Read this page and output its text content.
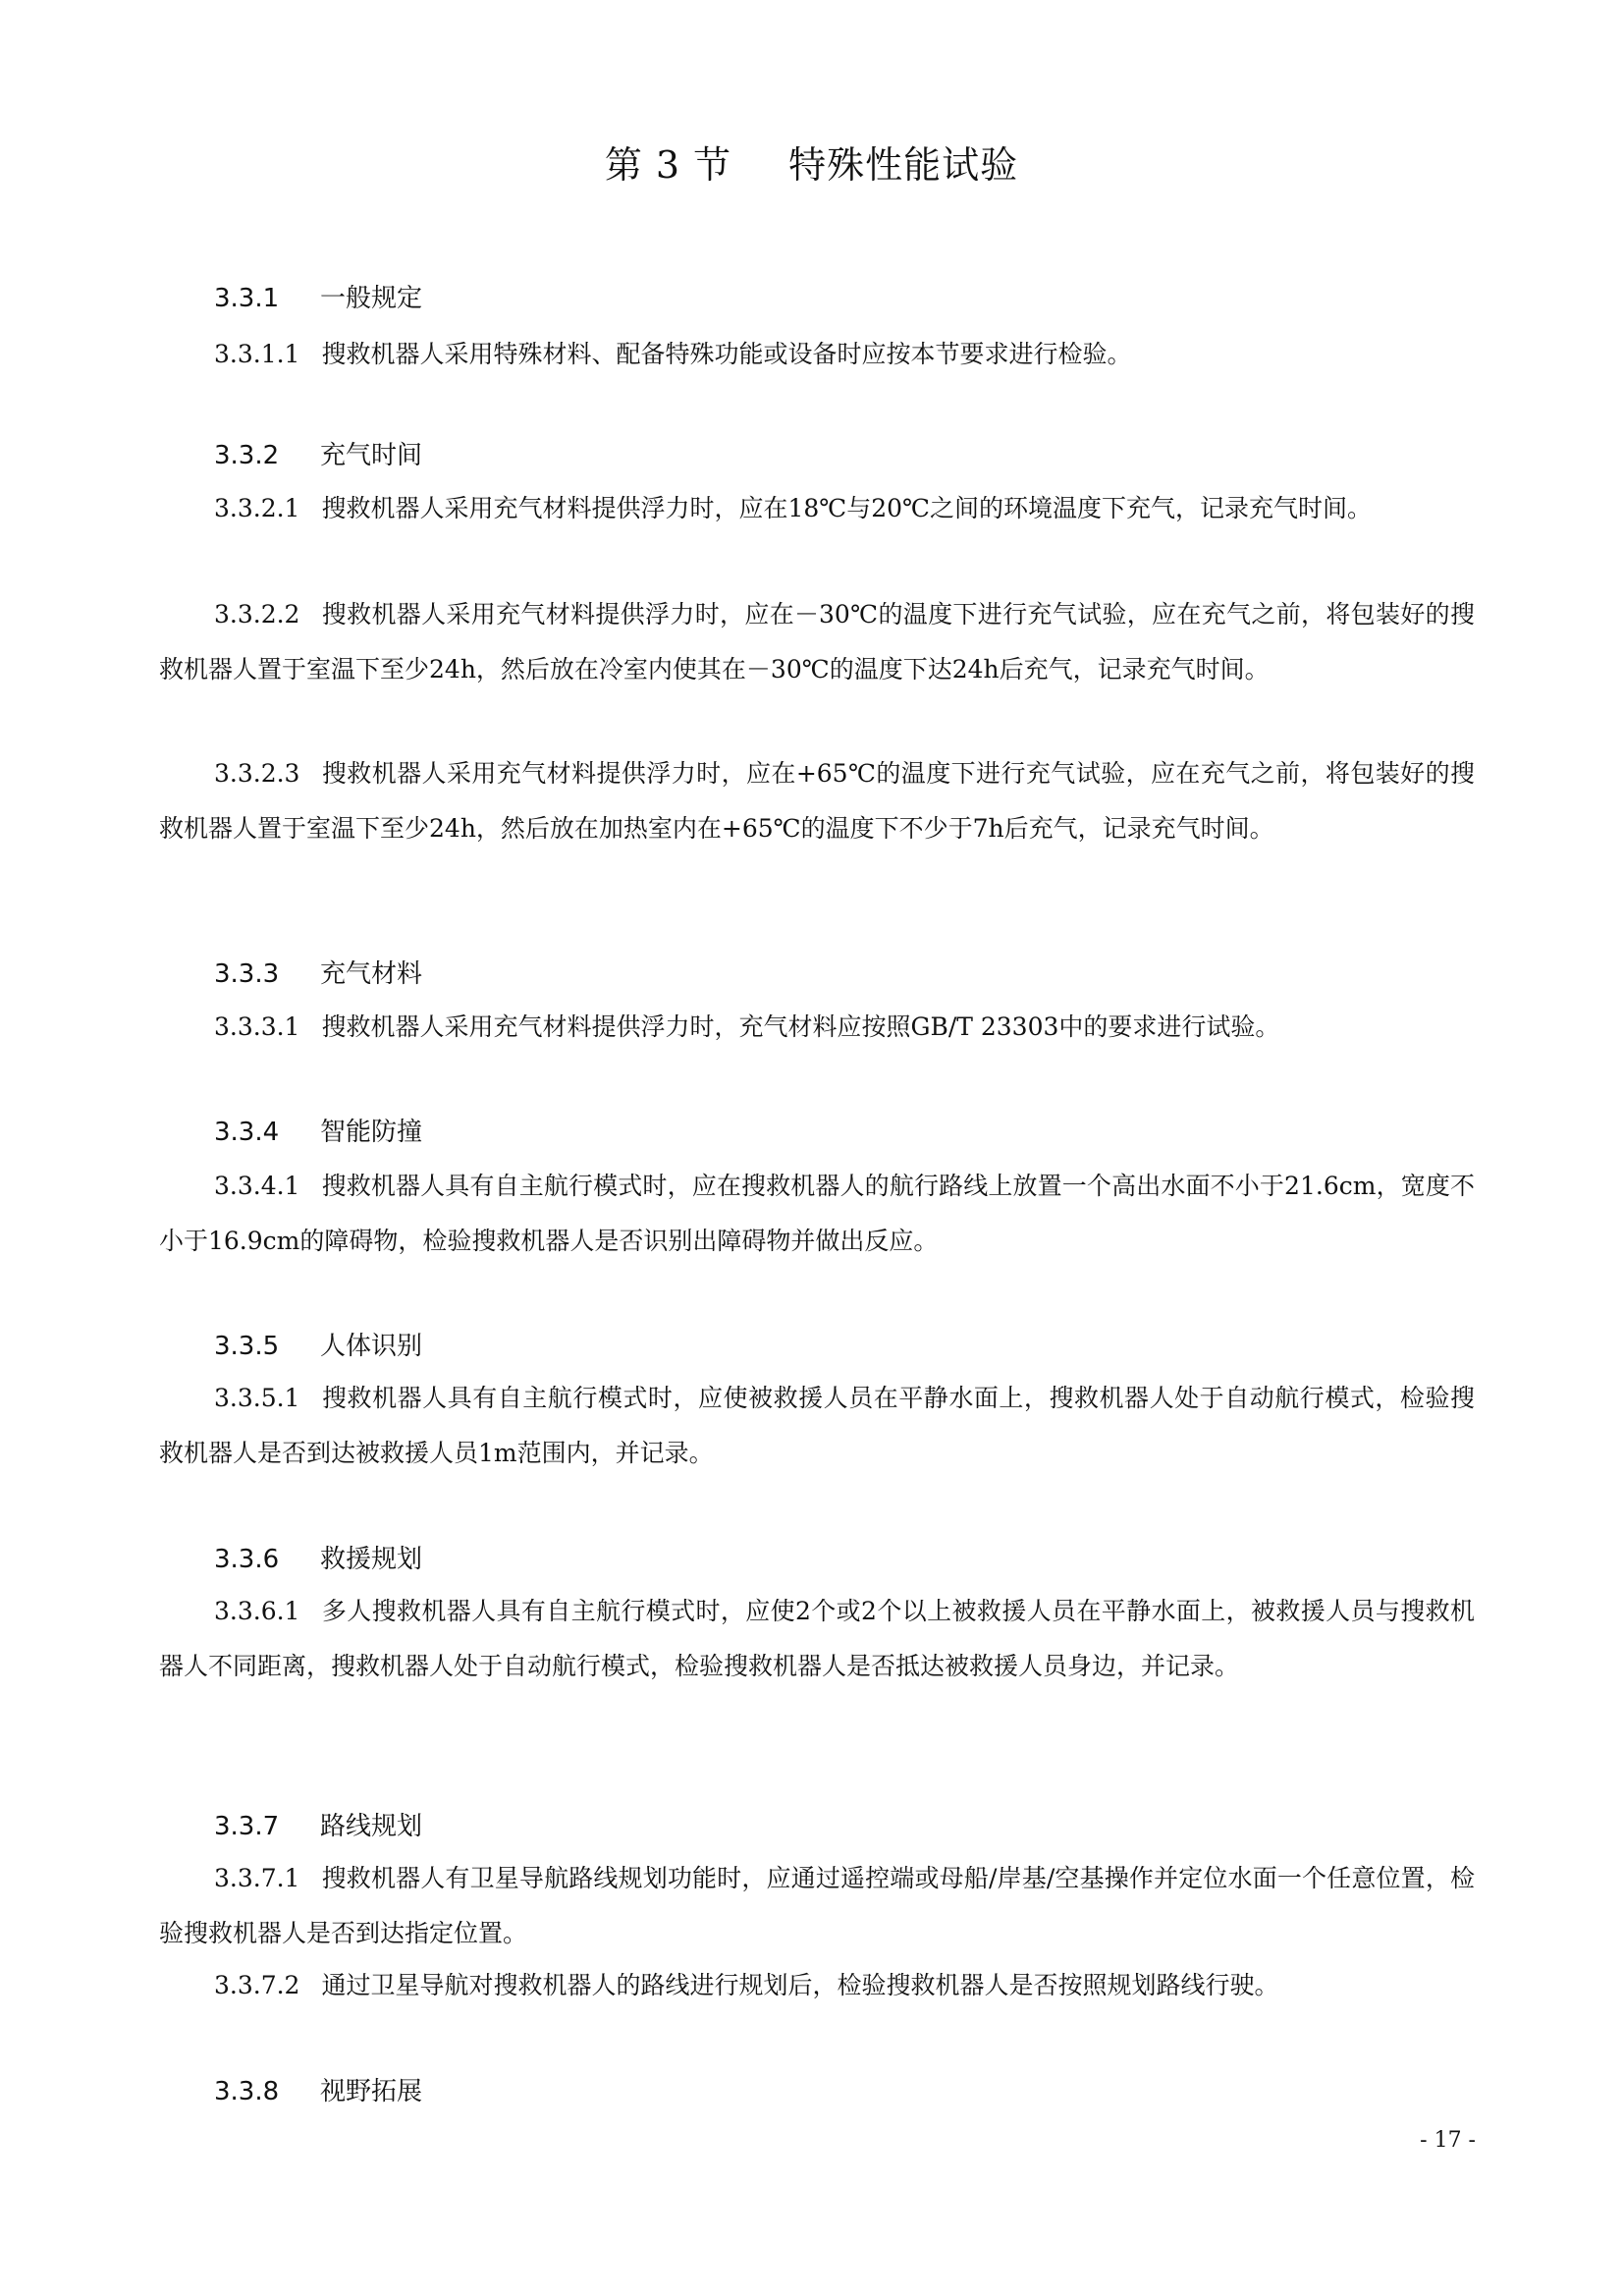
第 3 节 特殊性能试验
3.3.1 一般规定
3.3.1.1 搜救机器人采用特殊材料、配备特殊功能或设备时应按本节要求进行检验。
3.3.2 充气时间
3.3.2.1 搜救机器人采用充气材料提供浮力时，应在18℃与20℃之间的环境温度下充气，记录充气时间。
3.3.2.2 搜救机器人采用充气材料提供浮力时，应在－30℃的温度下进行充气试验，应在充气之前，将包装好的搜救机器人置于室温下至少24h，然后放在冷室内使其在－30℃的温度下达24h后充气，记录充气时间。
3.3.2.3 搜救机器人采用充气材料提供浮力时，应在+65℃的温度下进行充气试验，应在充气之前，将包装好的搜救机器人置于室温下至少24h，然后放在加热室内在+65℃的温度下不少于7h后充气，记录充气时间。
3.3.3 充气材料
3.3.3.1 搜救机器人采用充气材料提供浮力时，充气材料应按照GB/T 23303中的要求进行试验。
3.3.4 智能防撞
3.3.4.1 搜救机器人具有自主航行模式时，应在搜救机器人的航行路线上放置一个高出水面不小于21.6cm，宽度不小于16.9cm的障碍物，检验搜救机器人是否识别出障碍物并做出反应。
3.3.5 人体识别
3.3.5.1 搜救机器人具有自主航行模式时，应使被救援人员在平静水面上，搜救机器人处于自动航行模式，检验搜救机器人是否到达被救援人员1m范围内，并记录。
3.3.6 救援规划
3.3.6.1 多人搜救机器人具有自主航行模式时，应使2个或2个以上被救援人员在平静水面上，被救援人员与搜救机器人不同距离，搜救机器人处于自动航行模式，检验搜救机器人是否抵达被救援人员身边，并记录。
3.3.7 路线规划
3.3.7.1 搜救机器人有卫星导航路线规划功能时，应通过遥控端或母船/岸基/空基操作并定位水面一个任意位置，检验搜救机器人是否到达指定位置。
3.3.7.2 通过卫星导航对搜救机器人的路线进行规划后，检验搜救机器人是否按照规划路线行驶。
3.3.8 视野拓展
- 17 -
